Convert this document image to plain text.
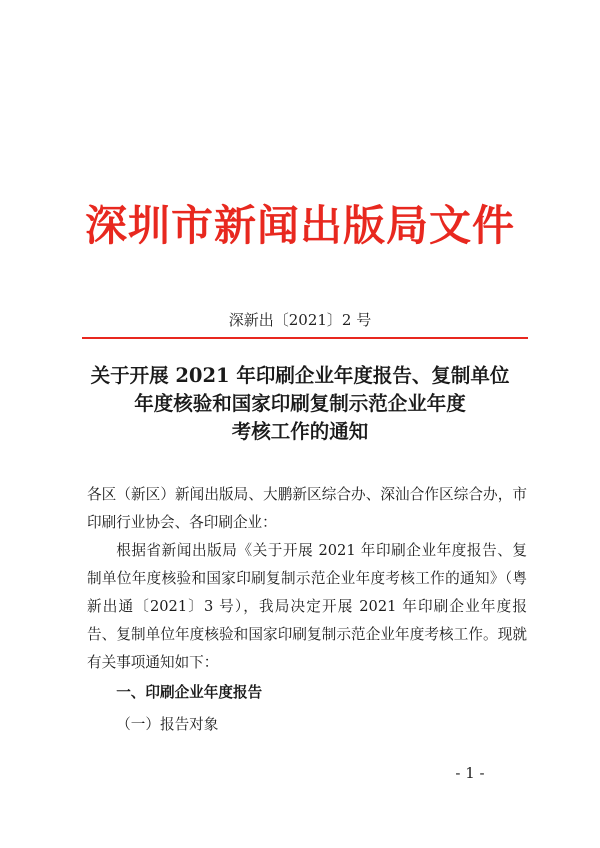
深圳市新闻出版局文件
深新出〔2021〕2 号
关于开展 2021 年印刷企业年度报告、复制单位
年度核验和国家印刷复制示范企业年度
考核工作的通知

各区（新区）新闻出版局、大鹏新区综合办、深汕合作区综合办，市印刷行业协会、各印刷企业：

根据省新闻出版局《关于开展 2021 年印刷企业年度报告、复制单位年度核验和国家印刷复制示范企业年度考核工作的通知》（粤新出通〔2021〕3 号），我局决定开展 2021 年印刷企业年度报告、复制单位年度核验和国家印刷复制示范企业年度考核工作。现就有关事项通知如下：

一、印刷企业年度报告

（一）报告对象

- 1 -
